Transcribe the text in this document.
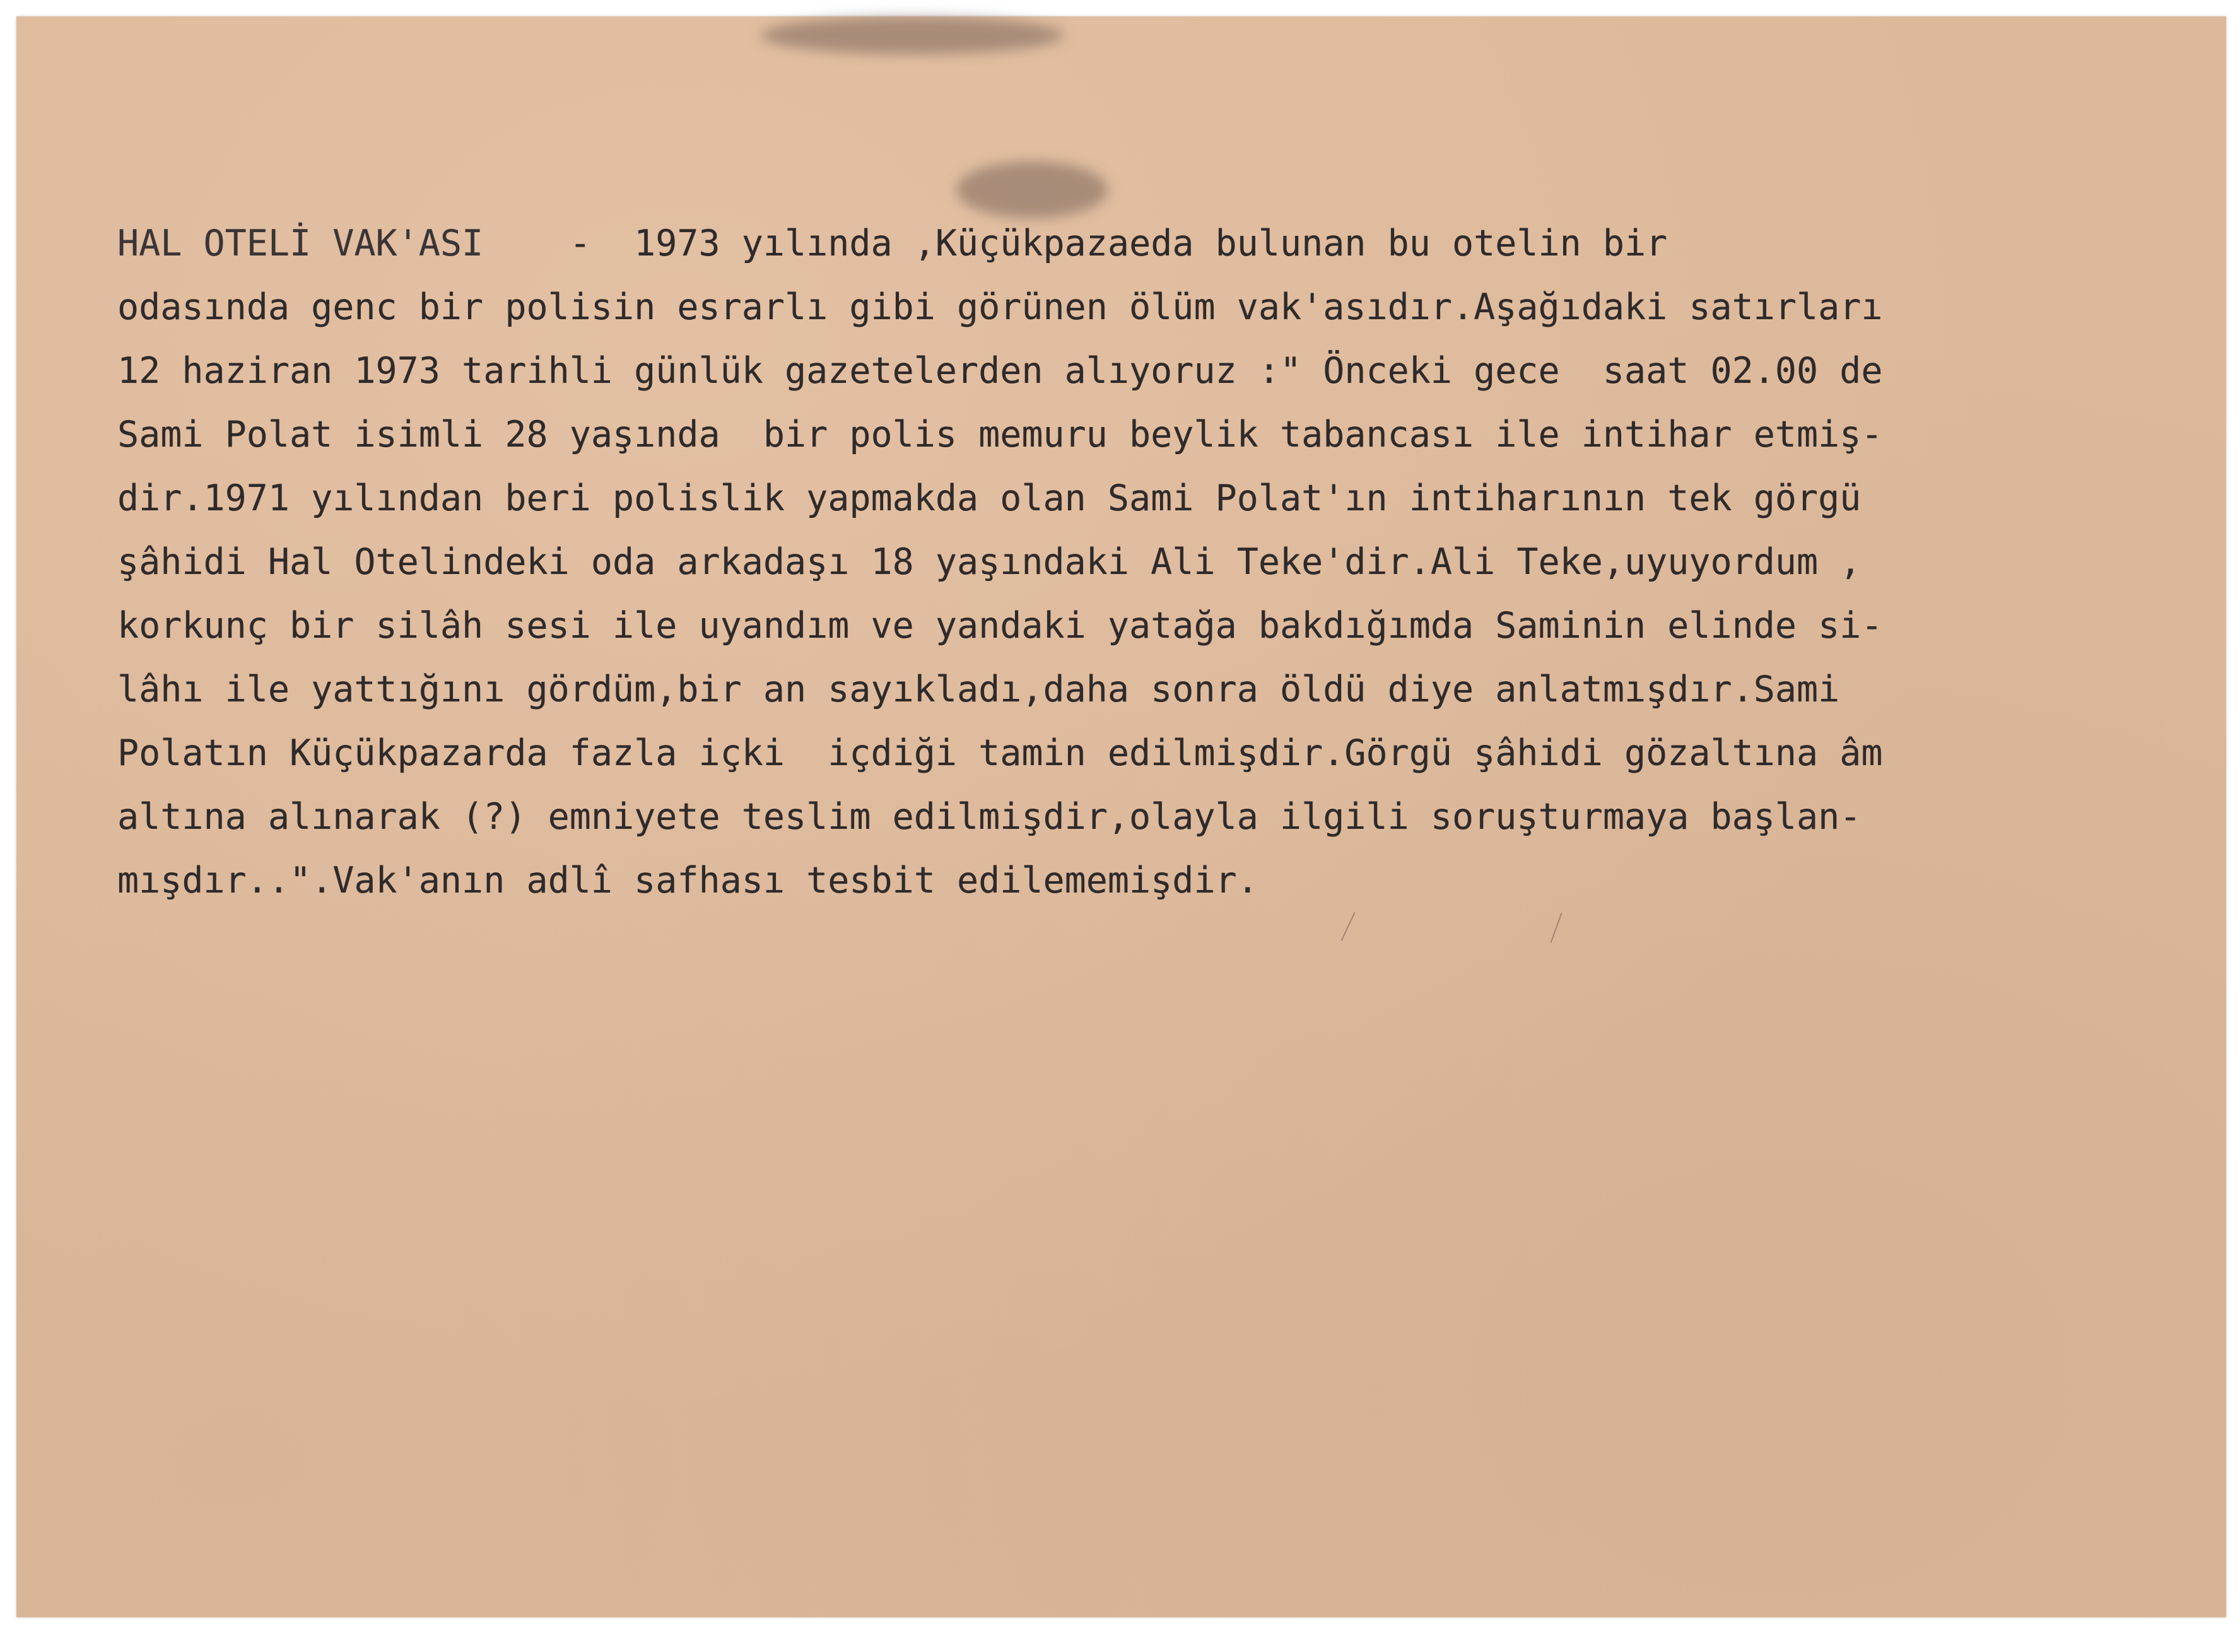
HAL OTELİ VAK'ASI    -  1973 yılında ,Küçükpazaeda bulunan bu otelin bir
odasında genc bir polisin esrarlı gibi görünen ölüm vak'asıdır.Aşağıdaki satırları
12 haziran 1973 tarihli günlük gazetelerden alıyoruz :" Önceki gece  saat 02.00 de
Sami Polat isimli 28 yaşında  bir polis memuru beylik tabancası ile intihar etmiş-
dir.1971 yılından beri polislik yapmakda olan Sami Polat'ın intiharının tek görgü
şâhidi Hal Otelindeki oda arkadaşı 18 yaşındaki Ali Teke'dir.Ali Teke,uyuyordum ,
korkunç bir silâh sesi ile uyandım ve yandaki yatağa bakdığımda Saminin elinde si-
lâhı ile yattığını gördüm,bir an sayıkladı,daha sonra öldü diye anlatmışdır.Sami
Polatın Küçükpazarda fazla içki  içdiği tamin edilmişdir.Görgü şâhidi gözaltına âm
altına alınarak (?) emniyete teslim edilmişdir,olayla ilgili soruşturmaya başlan-
mışdır..".Vak'anın adlî safhası tesbit edilememişdir.
